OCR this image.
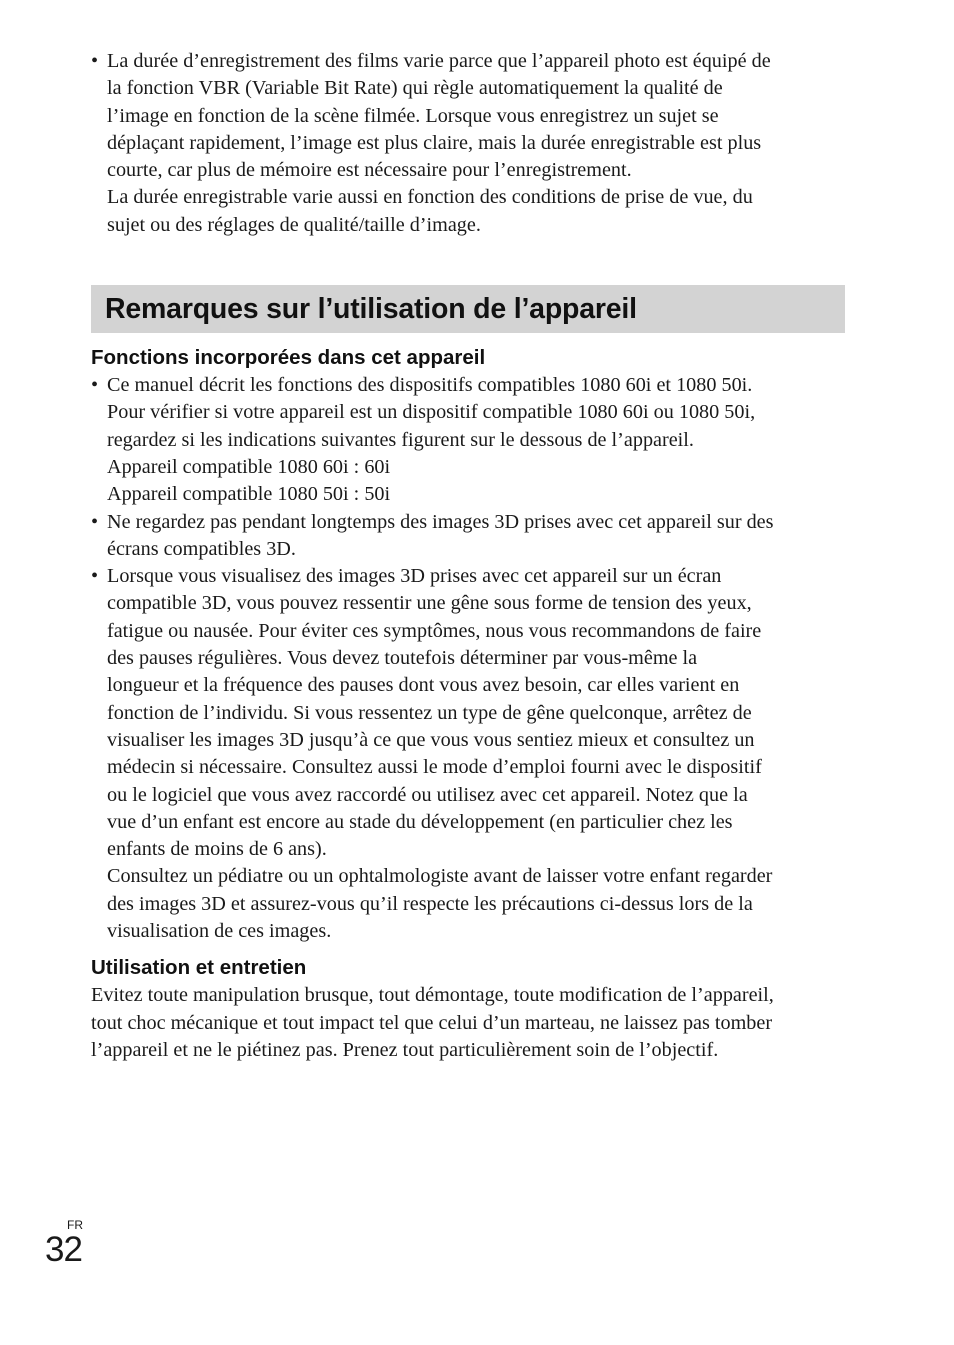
• La durée d’enregistrement des films varie parce que l’appareil photo est équipé de
la fonction VBR (Variable Bit Rate) qui règle automatiquement la qualité de
l’image en fonction de la scène filmée. Lorsque vous enregistrez un sujet se
déplaçant rapidement, l’image est plus claire, mais la durée enregistrable est plus
courte, car plus de mémoire est nécessaire pour l’enregistrement.
La durée enregistrable varie aussi en fonction des conditions de prise de vue, du
sujet ou des réglages de qualité/taille d’image.
Remarques sur l’utilisation de l’appareil
Fonctions incorporées dans cet appareil
• Ce manuel décrit les fonctions des dispositifs compatibles 1080 60i et 1080 50i.
Pour vérifier si votre appareil est un dispositif compatible 1080 60i ou 1080 50i,
regardez si les indications suivantes figurent sur le dessous de l’appareil.
Appareil compatible 1080 60i : 60i
Appareil compatible 1080 50i : 50i
• Ne regardez pas pendant longtemps des images 3D prises avec cet appareil sur des
écrans compatibles 3D.
• Lorsque vous visualisez des images 3D prises avec cet appareil sur un écran
compatible 3D, vous pouvez ressentir une gêne sous forme de tension des yeux,
fatigue ou nausée. Pour éviter ces symptômes, nous vous recommandons de faire
des pauses régulières. Vous devez toutefois déterminer par vous-même la
longueur et la fréquence des pauses dont vous avez besoin, car elles varient en
fonction de l’individu. Si vous ressentez un type de gêne quelconque, arrêtez de
visualiser les images 3D jusqu’à ce que vous vous sentiez mieux et consultez un
médecin si nécessaire. Consultez aussi le mode d’emploi fourni avec le dispositif
ou le logiciel que vous avez raccordé ou utilisez avec cet appareil. Notez que la
vue d’un enfant est encore au stade du développement (en particulier chez les
enfants de moins de 6 ans).
Consultez un pédiatre ou un ophtalmologiste avant de laisser votre enfant regarder
des images 3D et assurez-vous qu’il respecte les précautions ci-dessus lors de la
visualisation de ces images.
Utilisation et entretien

Evitez toute manipulation brusque, tout démontage, toute modification de l’appareil,
tout choc mécanique et tout impact tel que celui d’un marteau, ne laissez pas tomber
l’appareil et ne le piétinez pas. Prenez tout particulièrement soin de l’objectif.

FR
32
